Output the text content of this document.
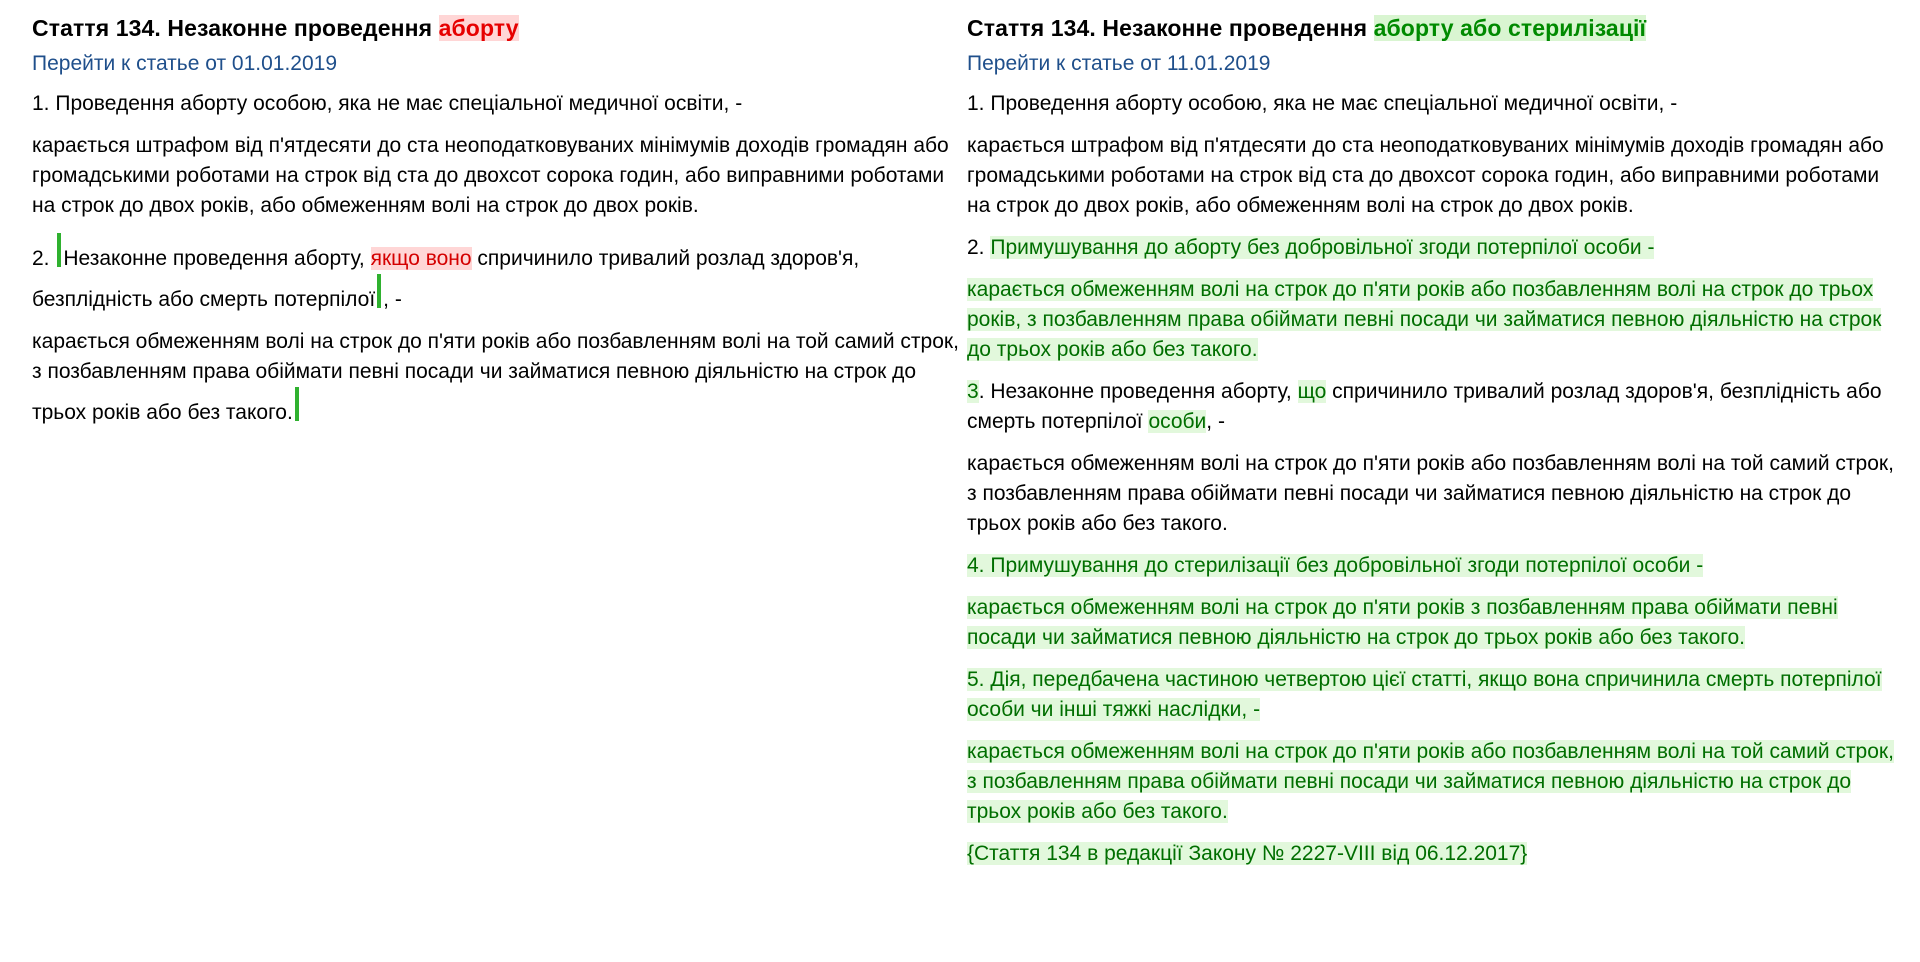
Стаття 134. Незаконне проведення аборту
Перейти к статье от 01.01.2019
1. Проведення аборту особою, яка не має спеціальної медичної освіти, -
карається штрафом від п'ятдесяти до ста неоподатковуваних мінімумів доходів громадян або громадськими роботами на строк від ста до двохсот сорока годин, або виправними роботами на строк до двох років, або обмеженням волі на строк до двох років.
2. Незаконне проведення аборту, якщо воно спричинило тривалий розлад здоров'я, безплідність або смерть потерпілої , -
карається обмеженням волі на строк до п'яти років або позбавленням волі на той самий строк, з позбавленням права обіймати певні посади чи займатися певною діяльністю на строк до трьох років або без такого.
Стаття 134. Незаконне проведення аборту або стерилізації
Перейти к статье от 11.01.2019
1. Проведення аборту особою, яка не має спеціальної медичної освіти, -
карається штрафом від п'ятдесяти до ста неоподатковуваних мінімумів доходів громадян або громадськими роботами на строк від ста до двохсот сорока годин, або виправними роботами на строк до двох років, або обмеженням волі на строк до двох років.
2. Примушування до аборту без добровільної згоди потерпілої особи -
карається обмеженням волі на строк до п'яти років або позбавленням волі на строк до трьох років, з позбавленням права обіймати певні посади чи займатися певною діяльністю на строк до трьох років або без такого.
3. Незаконне проведення аборту, що спричинило тривалий розлад здоров'я, безплідність або смерть потерпілої особи, -
карається обмеженням волі на строк до п'яти років або позбавленням волі на той самий строк, з позбавленням права обіймати певні посади чи займатися певною діяльністю на строк до трьох років або без такого.
4. Примушування до стерилізації без добровільної згоди потерпілої особи -
карається обмеженням волі на строк до п'яти років з позбавленням права обіймати певні посади чи займатися певною діяльністю на строк до трьох років або без такого.
5. Дія, передбачена частиною четвертою цієї статті, якщо вона спричинила смерть потерпілої особи чи інші тяжкі наслідки, -
карається обмеженням волі на строк до п'яти років або позбавленням волі на той самий строк, з позбавленням права обіймати певні посади чи займатися певною діяльністю на строк до трьох років або без такого.
{Стаття 134 в редакції Закону № 2227-VIII від 06.12.2017}
